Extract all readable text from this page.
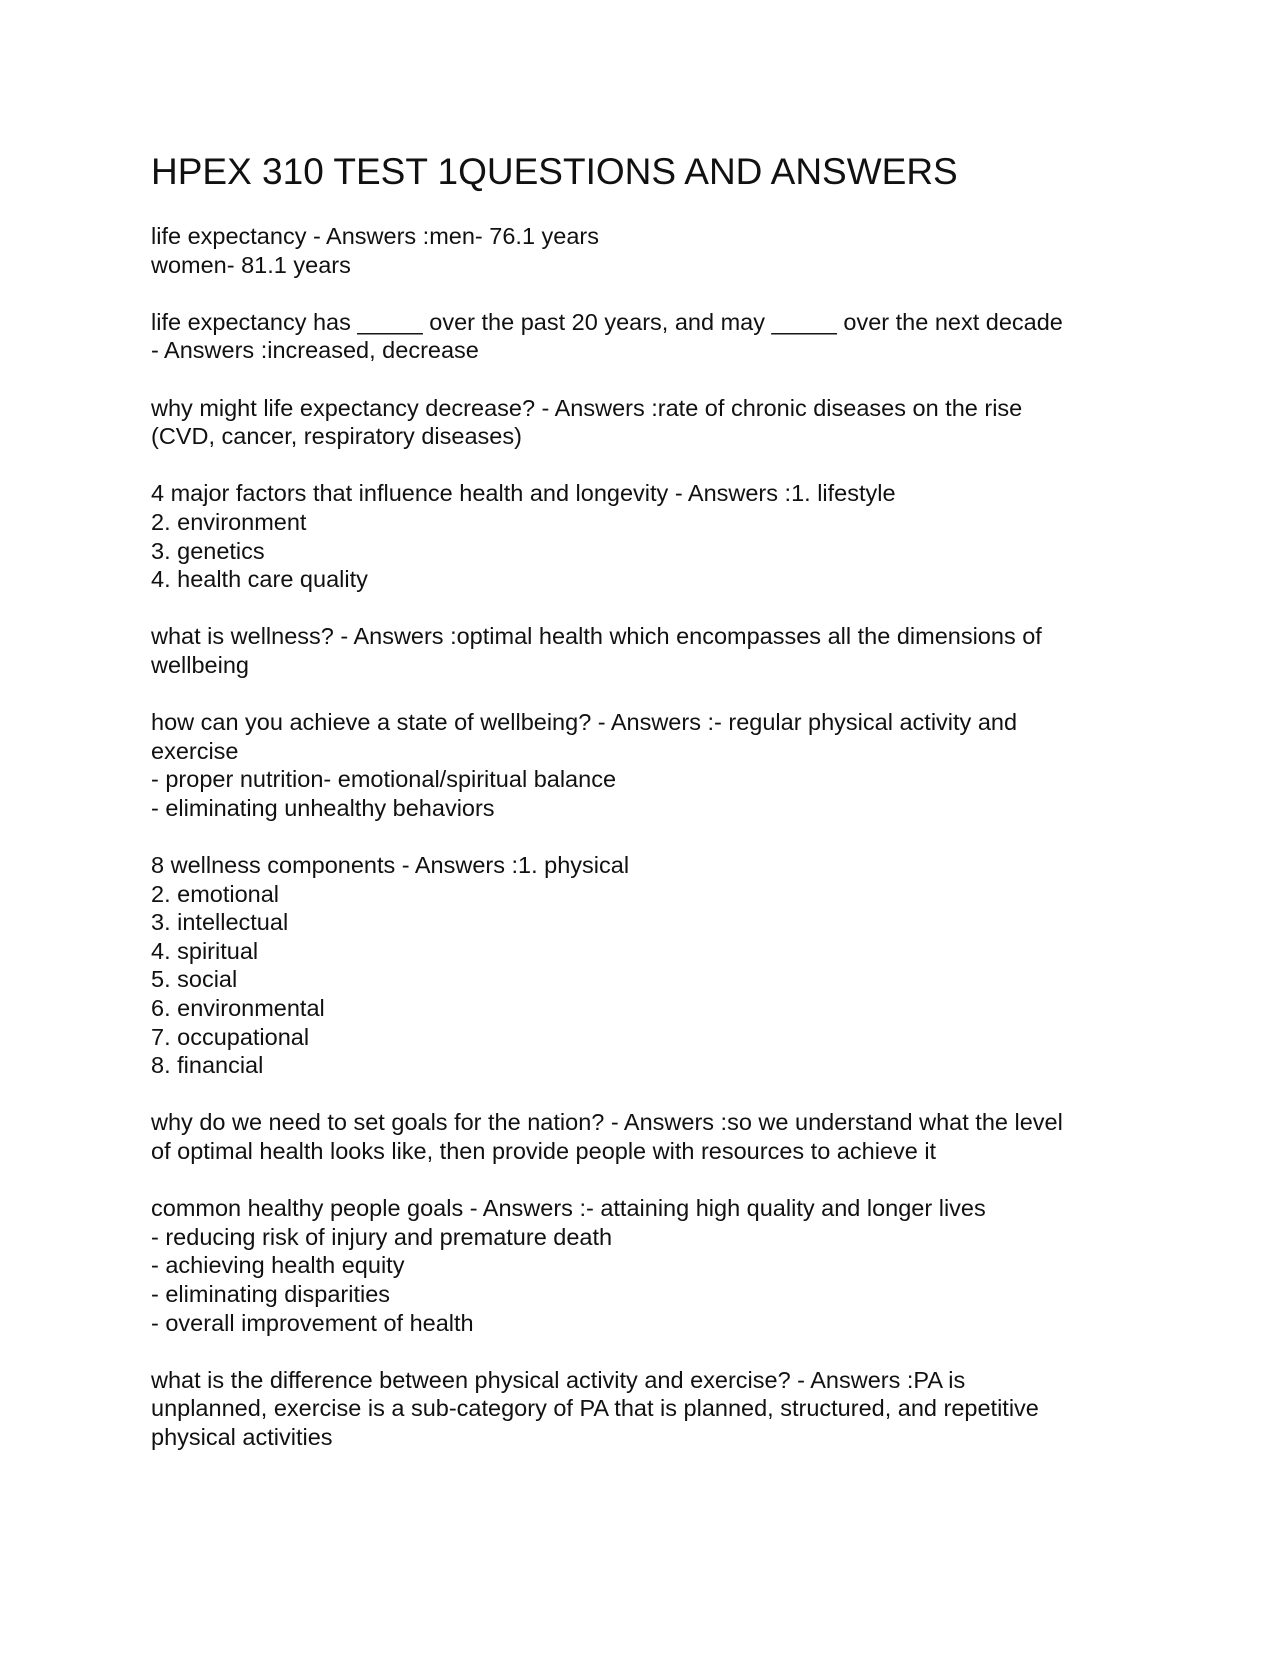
HPEX 310 TEST 1QUESTIONS AND ANSWERS
life expectancy - Answers :men- 76.1 years
women- 81.1 years
life expectancy has _____ over the past 20 years, and may _____ over the next decade
- Answers :increased, decrease
why might life expectancy decrease? - Answers :rate of chronic diseases on the rise
(CVD, cancer, respiratory diseases)
4 major factors that influence health and longevity - Answers :1. lifestyle
2. environment
3. genetics
4. health care quality
what is wellness? - Answers :optimal health which encompasses all the dimensions of
wellbeing
how can you achieve a state of wellbeing? - Answers :- regular physical activity and
exercise
- proper nutrition- emotional/spiritual balance
- eliminating unhealthy behaviors
8 wellness components - Answers :1. physical
2. emotional
3. intellectual
4. spiritual
5. social
6. environmental
7. occupational
8. financial
why do we need to set goals for the nation? - Answers :so we understand what the level
of optimal health looks like, then provide people with resources to achieve it
common healthy people goals - Answers :- attaining high quality and longer lives
- reducing risk of injury and premature death
- achieving health equity
- eliminating disparities
- overall improvement of health
what is the difference between physical activity and exercise? - Answers :PA is
unplanned, exercise is a sub-category of PA that is planned, structured, and repetitive
physical activities
